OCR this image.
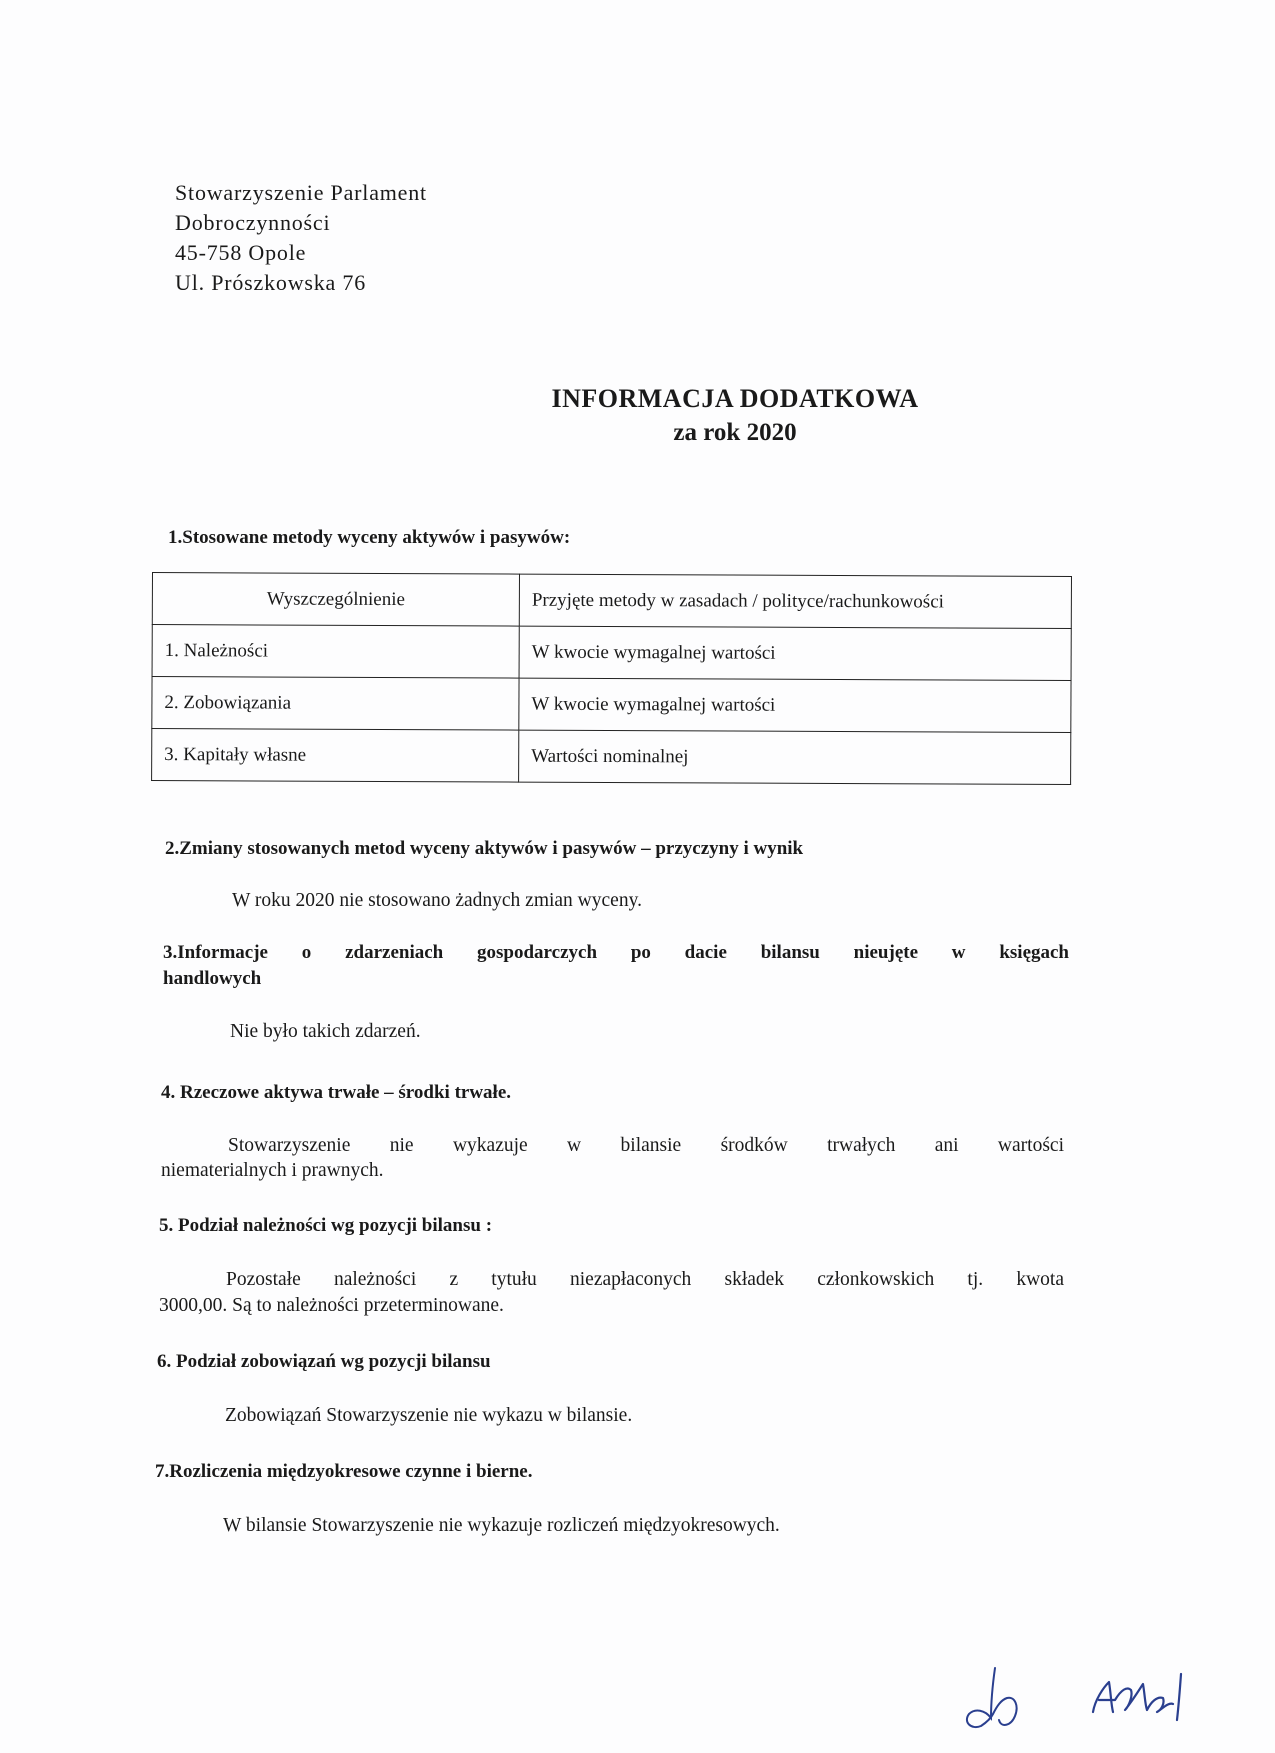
Stowarzyszenie Parlament
Dobroczynności
45-758 Opole
Ul. Prószkowska 76
INFORMACJA DODATKOWA
za rok 2020
1.Stosowane metody wyceny aktywów i pasywów:
Wyszczególnienie	Przyjęte metody w zasadach / polityce/rachunkowości
1. Należności	W kwocie wymagalnej wartości
2. Zobowiązania	W kwocie wymagalnej wartości
3. Kapitały własne	Wartości nominalnej
2.Zmiany stosowanych metod wyceny aktywów i pasywów – przyczyny i wynik
W roku 2020 nie stosowano żadnych zmian wyceny.
3.Informacje o zdarzeniach gospodarczych po dacie bilansu nieujęte w księgach
handlowych
Nie było takich zdarzeń.
4. Rzeczowe aktywa trwałe – środki trwałe.
Stowarzyszenie nie wykazuje w bilansie środków trwałych ani wartości
niematerialnych i prawnych.
5. Podział należności wg pozycji bilansu :
Pozostałe należności z tytułu niezapłaconych składek członkowskich tj. kwota
3000,00. Są to należności przeterminowane.
6. Podział zobowiązań wg pozycji bilansu
Zobowiązań Stowarzyszenie nie wykazu w bilansie.
7.Rozliczenia międzyokresowe czynne i bierne.
W bilansie Stowarzyszenie nie wykazuje rozliczeń międzyokresowych.
